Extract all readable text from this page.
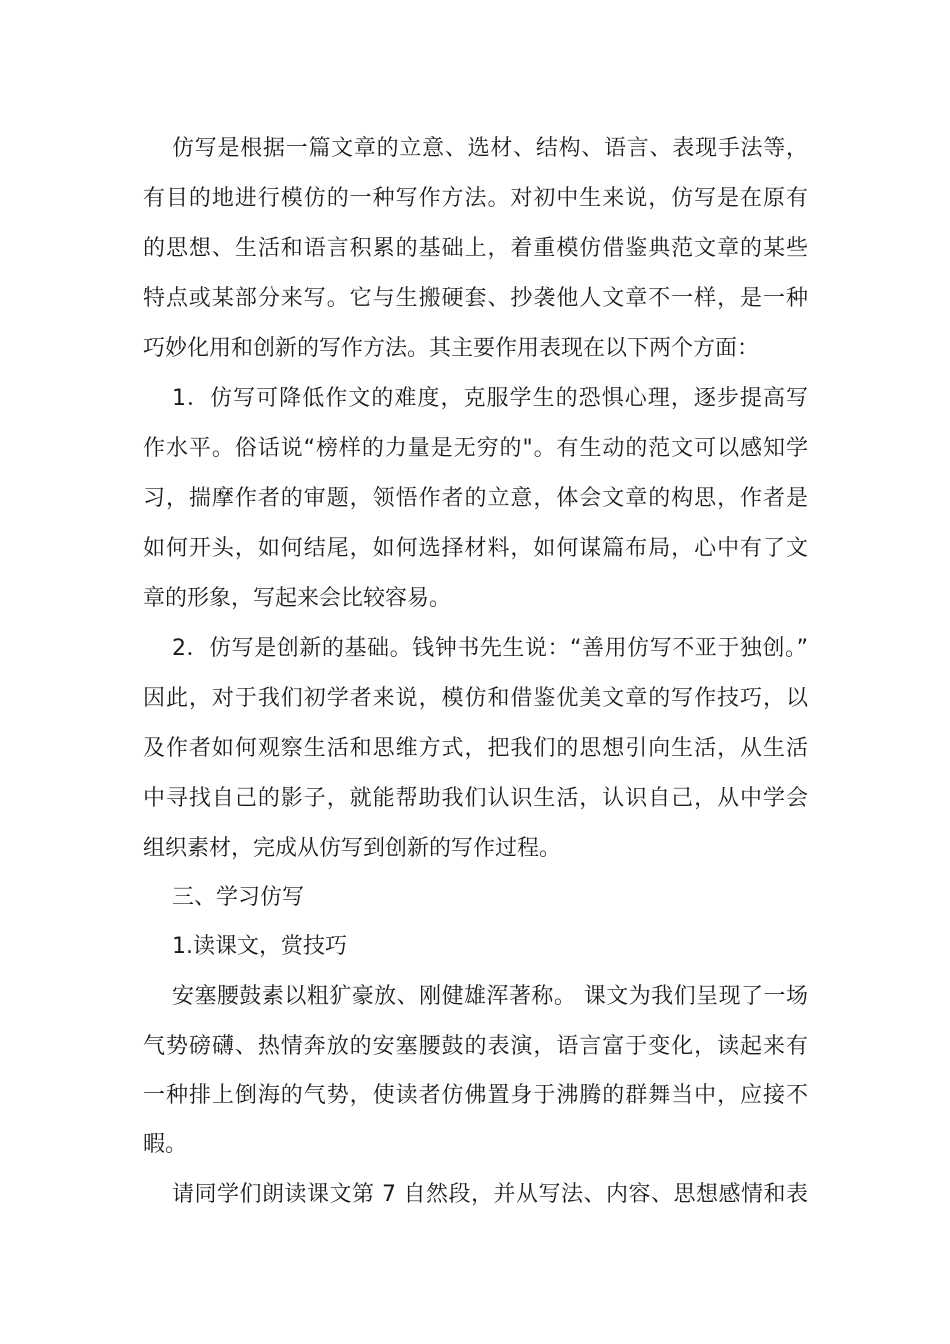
仿写是根据一篇文章的立意、选材、结构、语言、表现手法等，
有目的地进行模仿的一种写作方法。对初中生来说，仿写是在原有
的思想、生活和语言积累的基础上，着重模仿借鉴典范文章的某些
特点或某部分来写。它与生搬硬套、抄袭他人文章不一样，是一种
巧妙化用和创新的写作方法。其主要作用表现在以下两个方面：
1．仿写可降低作文的难度，克服学生的恐惧心理，逐步提高写
作水平。俗话说“榜样的力量是无穷的"。有生动的范文可以感知学
习，揣摩作者的审题，领悟作者的立意，体会文章的构思，作者是
如何开头，如何结尾，如何选择材料，如何谋篇布局，心中有了文
章的形象，写起来会比较容易。
2．仿写是创新的基础。钱钟书先生说：“善用仿写不亚于独创。”
因此，对于我们初学者来说，模仿和借鉴优美文章的写作技巧，以
及作者如何观察生活和思维方式，把我们的思想引向生活，从生活
中寻找自己的影子，就能帮助我们认识生活，认识自己，从中学会
组织素材，完成从仿写到创新的写作过程。
三、学习仿写
1.读课文，赏技巧
安塞腰鼓素以粗犷豪放、刚健雄浑著称。 课文为我们呈现了一场
气势磅礴、热情奔放的安塞腰鼓的表演，语言富于变化，读起来有
一种排上倒海的气势，使读者仿佛置身于沸腾的群舞当中，应接不
暇。
请同学们朗读课文第 7 自然段，并从写法、内容、思想感情和表
